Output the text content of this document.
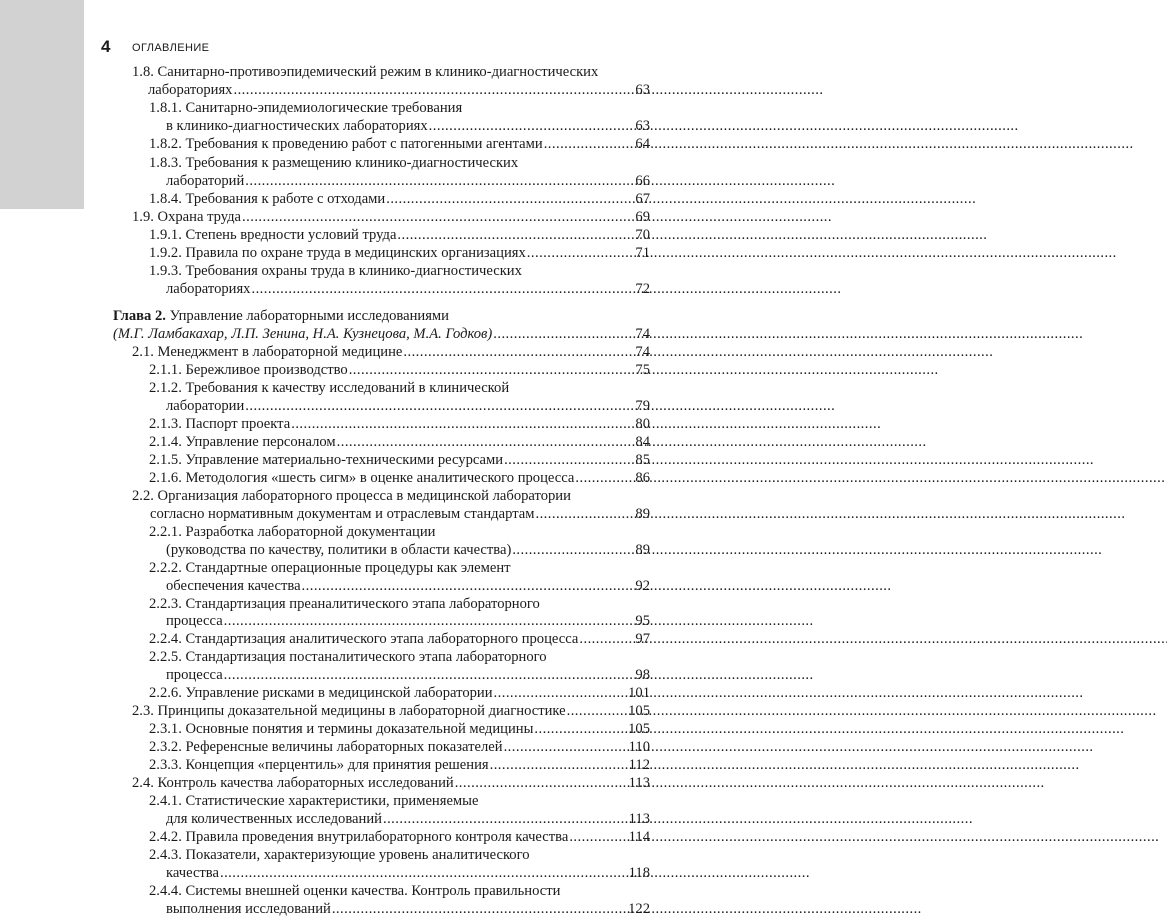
4 ОГЛАВЛЕНИЕ
1.8. Санитарно-противоэпидемический режим в клинико-диагностических
лабораториях . . .	63
1.8.1. Санитарно-эпидемиологические требования
в клинико-диагностических лабораториях . . .	63
1.8.2. Требования к проведению работ с патогенными агентами . . .	64
1.8.3. Требования к размещению клинико-диагностических
лабораторий . . .	66
1.8.4. Требования к работе с отходами . . .	67
1.9. Охрана труда . . .	69
1.9.1. Степень вредности условий труда . . .	70
1.9.2. Правила по охране труда в медицинских организациях . . .	71
1.9.3. Требования охраны труда в клинико-диагностических
лабораториях . . .	72
Глава 2. Управление лабораторными исследованиями
(М.Г. Ламбакахар, Л.П. Зенина, Н.А. Кузнецова, М.А. Годков) . . .	74
2.1. Менеджмент в лабораторной медицине . . .	74
2.1.1. Бережливое производство . . .	75
2.1.2. Требования к качеству исследований в клинической
лаборатории . . .	79
2.1.3. Паспорт проекта . . .	80
2.1.4. Управление персоналом . . .	84
2.1.5. Управление материально-техническими ресурсами . . .	85
2.1.6. Методология «шесть сигм» в оценке аналитического процесса . . .	86
2.2. Организация лабораторного процесса в медицинской лаборатории
согласно нормативным документам и отраслевым стандартам . . .	89
2.2.1. Разработка лабораторной документации
(руководства по качеству, политики в области качества) . . .	89
2.2.2. Стандартные операционные процедуры как элемент
обеспечения качества . . .	92
2.2.3. Стандартизация преаналитического этапа лабораторного
процесса . . .	95
2.2.4. Стандартизация аналитического этапа лабораторного процесса . . .	97
2.2.5. Стандартизация постаналитического этапа лабораторного
процесса . . .	98
2.2.6. Управление рисками в медицинской лаборатории . . .	101
2.3. Принципы доказательной медицины в лабораторной диагностике . . .	105
2.3.1. Основные понятия и термины доказательной медицины . . .	105
2.3.2. Референсные величины лабораторных показателей . . .	110
2.3.3. Концепция «перцентиль» для принятия решения . . .	112
2.4. Контроль качества лабораторных исследований . . .	113
2.4.1. Статистические характеристики, применяемые
для количественных исследований . . .	113
2.4.2. Правила проведения внутрилабораторного контроля качества . . .	114
2.4.3. Показатели, характеризующие уровень аналитического
качества . . .	118
2.4.4. Системы внешней оценки качества. Контроль правильности
выполнения исследований . . .	122
